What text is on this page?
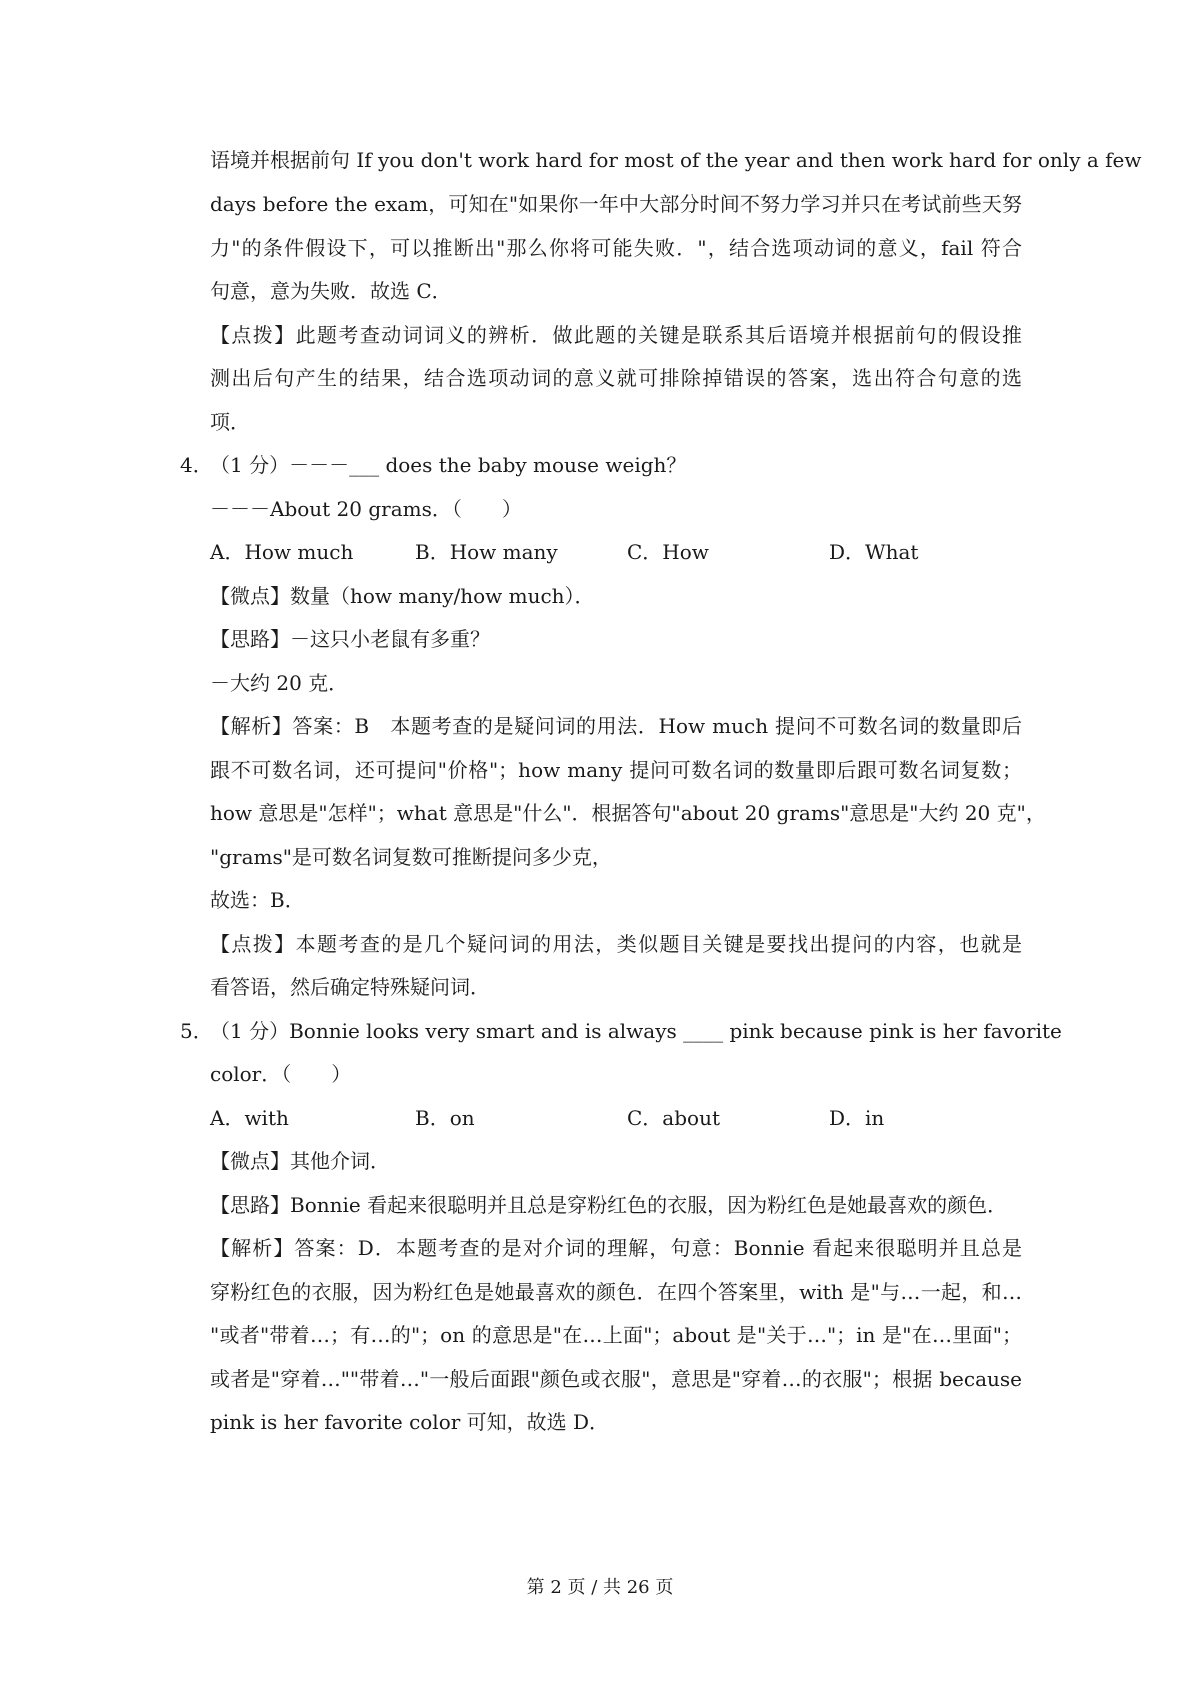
语境并根据前句 If you don't work hard for most of the year and then work hard for only a few
days before the exam，可知在"如果你一年中大部分时间不努力学习并只在考试前些天努
力"的条件假设下，可以推断出"那么你将可能失败．"，结合选项动词的意义，fail 符合
句意，意为失败．故选 C．
【点拨】此题考查动词词义的辨析．做此题的关键是联系其后语境并根据前句的假设推
测出后句产生的结果，结合选项动词的意义就可排除掉错误的答案，选出符合句意的选
项．
4．
（1 分）－－－___ does the baby mouse weigh？
－－－About 20 grams．（　　）
A．How much	B．How many	C．How	D．What
【微点】数量（how many/how much）．
【思路】－这只小老鼠有多重？
－大约 20 克．
【解析】答案：B　本题考查的是疑问词的用法．How much 提问不可数名词的数量即后
跟不可数名词，还可提问"价格"；how many 提问可数名词的数量即后跟可数名词复数；
how 意思是"怎样"；what 意思是"什么"．根据答句"about 20 grams"意思是"大约 20 克"，
"grams"是可数名词复数可推断提问多少克，
故选：B．
【点拨】本题考查的是几个疑问词的用法，类似题目关键是要找出提问的内容，也就是
看答语，然后确定特殊疑问词．
5．
（1 分）Bonnie looks very smart and is always ____ pink because pink is her favorite
color．（　　）
A．with	B．on	C．about	D．in
【微点】其他介词．
【思路】Bonnie 看起来很聪明并且总是穿粉红色的衣服，因为粉红色是她最喜欢的颜色．
【解析】答案：D．本题考查的是对介词的理解，句意：Bonnie 看起来很聪明并且总是
穿粉红色的衣服，因为粉红色是她最喜欢的颜色．在四个答案里，with 是"与…一起，和…
"或者"带着…；有…的"；on 的意思是"在…上面"；about 是"关于…"；in 是"在…里面"；
或者是"穿着…""带着…"一般后面跟"颜色或衣服"，意思是"穿着…的衣服"；根据 because
pink is her favorite color 可知，故选 D．
第 2 页 / 共 26 页
